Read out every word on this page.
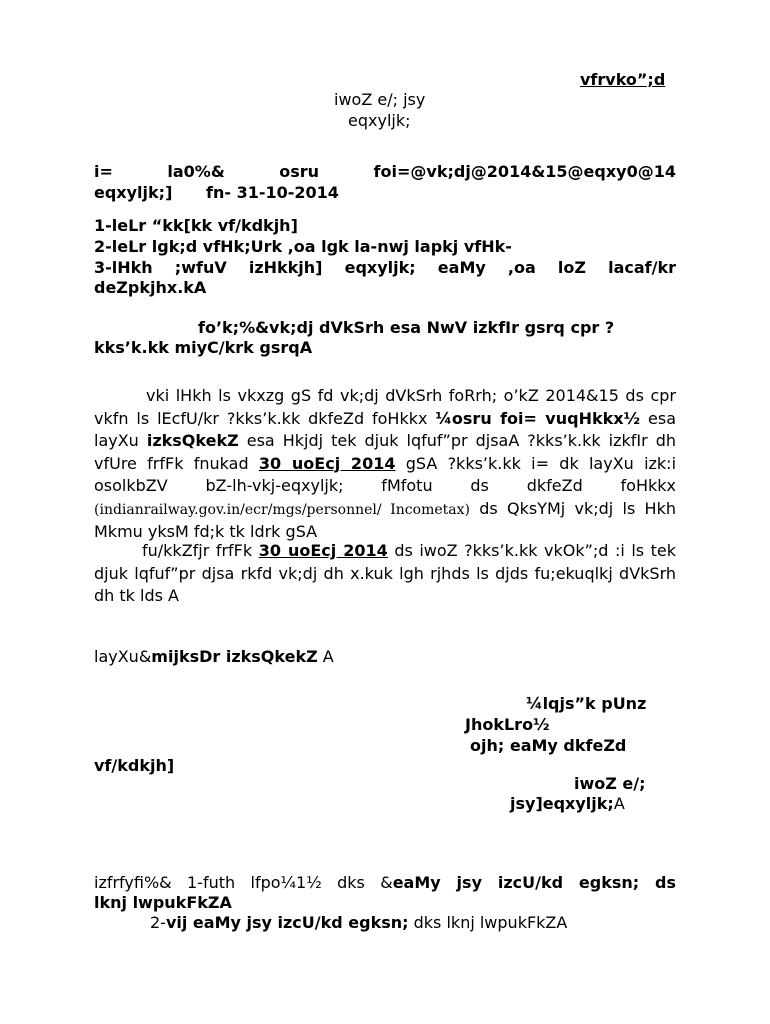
vfrvko”;d
iwoZ e/; jsy
eqxyljk;
i= la0%& osru foi=@vk;dj@2014&15@eqxy0@14
eqxyljk;] fn- 31-10-2014
1-leLr “kk[kk vf/kdkjh]
2-leLr lgk;d vfHk;Urk ,oa lgk la-nwj lapkj vfHk-
3-lHkh ;wfuV izHkkjh] eqxyljk; eaMy ,oa loZ lacaf/kr
deZpkjhx.kA
fo’k;%&vk;dj dVkSrh esa NwV izkfIr gsrq cpr ?
kks’k.kk miyC/krk gsrqA
vki lHkh ls vkxzg gS fd vk;dj dVkSrh foRrh; o’kZ 2014&15 ds cpr vkfn ls lEcfU/kr ?kks’k.kk dkfeZd foHkkx ¼osru foi= vuqHkkx½ esa layXu izksQkekZ esa Hkjdj tek djuk lqfuf”pr djsaA ?kks’k.kk izkfIr dh vfUre frfFk fnukad 30 uoEcj 2014 gSA ?kks’k.kk i= dk layXu izk:i osolkbZV bZ-lh-vkj-eqxyljk; fMfotu ds dkfeZd foHkkx (indianrailway.gov.in/ecr/mgs/personnel/ Incometax) ds QksYMj vk;dj ls Hkh Mkmu yksM fd;k tk ldrk gSA
fu/kkZfjr frfFk 30 uoEcj 2014 ds iwoZ ?kks’k.kk vkOk”;d :i ls tek djuk lqfuf”pr djsa rkfd vk;dj dh x.kuk lgh rjhds ls djds fu;ekuqlkj dVkSrh dh tk lds A
layXu&mijksDr izksQkekZ A
¼lqjs”k pUnz
JhokLro½
ojh; eaMy dkfeZd
vf/kdkjh]
iwoZ e/;
jsy]eqxyljk;A
izfrfyfi%& 1-futh lfpo¼1½ dks &eaMy jsy izcU/kd egksn; ds
lknj lwpukFkZA
2-vij eaMy jsy izcU/kd egksn; dks lknj lwpukFkZA
